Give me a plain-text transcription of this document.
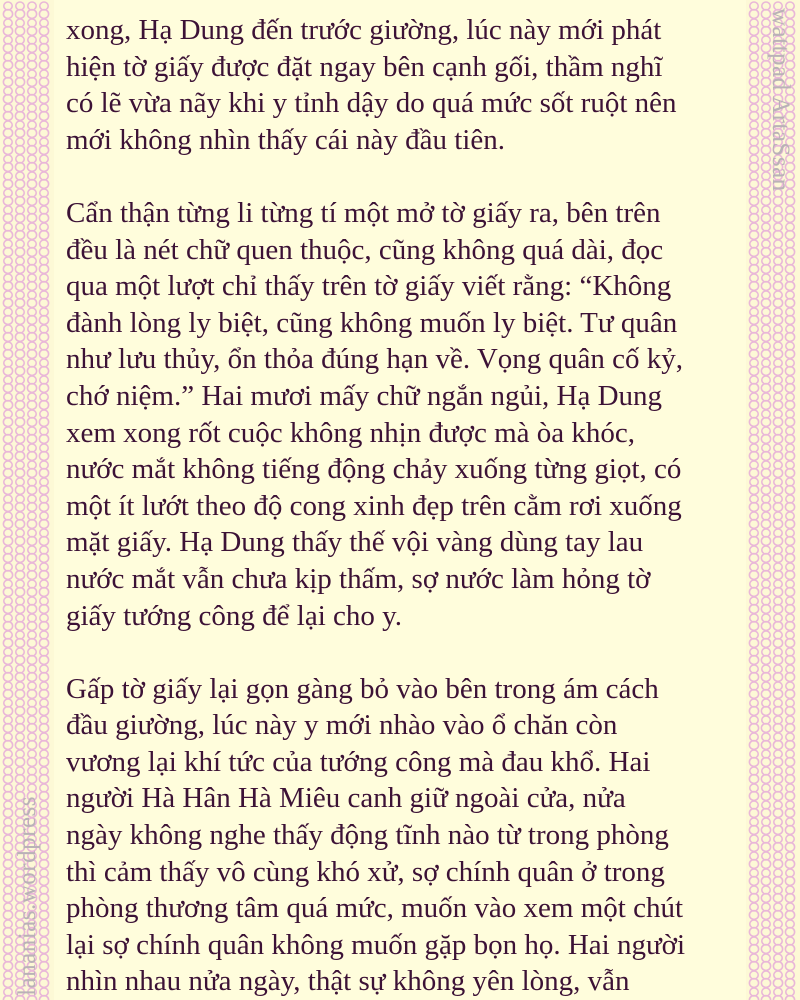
lananias.wordpress

xong, Hạ Dung đến trước giường, lúc này mới phát
hiện tờ giấy được đặt ngay bên cạnh gối, thầm nghĩ
có lẽ vừa nãy khi y tỉnh dậy do quá mức sốt ruột nên
mới không nhìn thấy cái này đầu tiên.

Cẩn thận từng li từng tí một mở tờ giấy ra, bên trên
đều là nét chữ quen thuộc, cũng không quá dài, đọc
qua một lượt chỉ thấy trên tờ giấy viết rằng: “Không
đành lòng ly biệt, cũng không muốn ly biệt. Tư quân
như lưu thủy, ổn thỏa đúng hạn về. Vọng quân cố kỷ,
chớ niệm.” Hai mươi mấy chữ ngắn ngủi, Hạ Dung
xem xong rốt cuộc không nhịn được mà òa khóc,
nước mắt không tiếng động chảy xuống từng giọt, có
một ít lướt theo độ cong xinh đẹp trên cằm rơi xuống
mặt giấy. Hạ Dung thấy thế vội vàng dùng tay lau
nước mắt vẫn chưa kịp thấm, sợ nước làm hỏng tờ
giấy tướng công để lại cho y.

Gấp tờ giấy lại gọn gàng bỏ vào bên trong ám cách
đầu giường, lúc này y mới nhào vào ổ chăn còn
vương lại khí tức của tướng công mà đau khổ. Hai
người Hà Hân Hà Miêu canh giữ ngoài cửa, nửa
ngày không nghe thấy động tĩnh nào từ trong phòng
thì cảm thấy vô cùng khó xử, sợ chính quân ở trong
phòng thương tâm quá mức, muốn vào xem một chút
lại sợ chính quân không muốn gặp bọn họ. Hai người
nhìn nhau nửa ngày, thật sự không yên lòng, vẫn

wattpad ArtaSsan
